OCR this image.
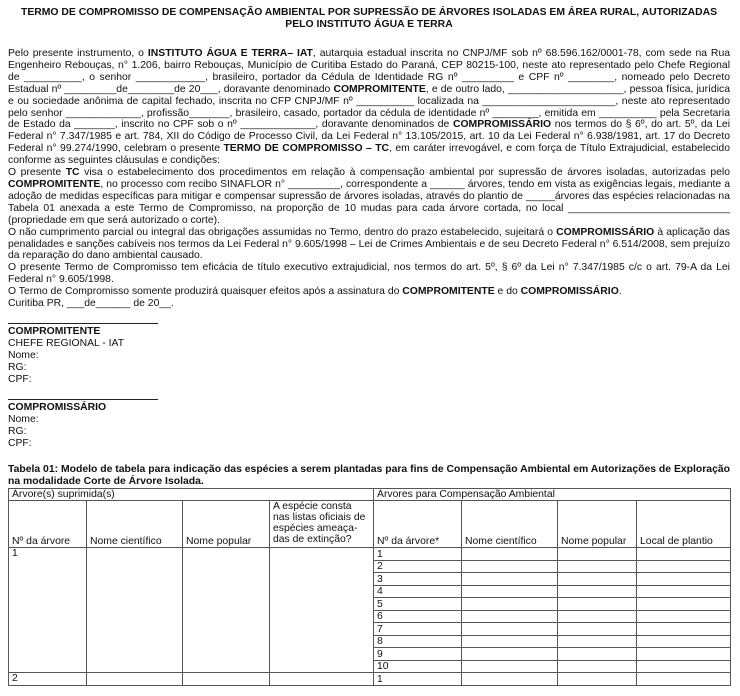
TERMO DE COMPROMISSO DE COMPENSAÇÃO AMBIENTAL POR SUPRESSÃO DE ÁRVORES ISOLADAS EM ÁREA RURAL, AUTORIZADAS PELO INSTITUTO ÁGUA E TERRA
Pelo presente instrumento, o INSTITUTO ÁGUA E TERRA– IAT, autarquia estadual inscrita no CNPJ/MF sob nº 68.596.162/0001-78, com sede na Rua Engenheiro Rebouças, n° 1.206, bairro Rebouças, Município de Curitiba Estado do Paraná, CEP 80215-100, neste ato representado pelo Chefe Regional de __________, o senhor ____________, brasileiro, portador da Cédula de Identidade RG nº _________ e CPF nº ________, nomeado pelo Decreto Estadual nº _________de________de 20___, doravante denominado COMPROMITENTE, e de outro lado, ____________________, pessoa física, jurídica e ou sociedade anônima de capital fechado, inscrita no CFP CNPJ/MF nº __________ localizada na _______________________, neste ato representado pelo senhor _____________, profissão_______, brasileiro, casado, portador da cédula de identidade nº ________, emitida em __________ pela Secretaria de Estado da _______, inscrito no CPF sob o nº _____________, doravante denominados de COMPROMISSÁRIO nos termos do § 6º, do art. 5º, da Lei Federal n° 7.347/1985 e art. 784, XII do Código de Processo Civil, da Lei Federal n° 13.105/2015, art. 10 da Lei Federal n° 6.938/1981, art. 17 do Decreto Federal n° 99.274/1990, celebram o presente TERMO DE COMPROMISSO – TC, em caráter irrevogável, e com força de Título Extrajudicial, estabelecido conforme as seguintes cláusulas e condições:
O presente TC visa o estabelecimento dos procedimentos em relação à compensação ambiental por supressão de árvores isoladas, autorizadas pelo COMPROMITENTE, no processo com recibo SINAFLOR n° _________, correspondente a ______ árvores, tendo em vista as exigências legais, mediante a adoção de medidas específicas para mitigar e compensar supressão de árvores isoladas, através do plantio de _____árvores das espécies relacionadas na Tabela 01 anexada a este Termo de Compromisso, na proporção de 10 mudas para cada árvore cortada, no local ____________________________ (propriedade em que será autorizado o corte).
O não cumprimento parcial ou integral das obrigações assumidas no Termo, dentro do prazo estabelecido, sujeitará o COMPROMISSÁRIO à aplicação das penalidades e sanções cabíveis nos termos da Lei Federal n° 9.605/1998 – Lei de Crimes Ambientais e de seu Decreto Federal n° 6.514/2008, sem prejuízo da reparação do dano ambiental causado.
O presente Termo de Compromisso tem eficácia de título executivo extrajudicial, nos termos do art. 5º, § 6º da Lei n° 7.347/1985 c/c o art. 79-A da Lei Federal n° 9.605/1998.
O Termo de Compromisso somente produzirá quaisquer efeitos após a assinatura do COMPROMITENTE e do COMPROMISSÁRIO.
Curitiba PR, ___de______ de 20__.
COMPROMITENTE
CHEFE REGIONAL - IAT
Nome:
RG:
CPF:
COMPROMISSÁRIO
Nome:
RG:
CPF:
Tabela 01: Modelo de tabela para indicação das espécies a serem plantadas para fins de Compensação Ambiental em Autorizações de Exploração na modalidade Corte de Árvore Isolada.
Árvore(s) suprimida(s)				Árvores para Compensação Ambiental			
Nº da árvore	Nome científico	Nome popular	A espécie consta nas listas oficiais de espécies ameaça-das de extinção?	Nº da árvore*	Nome científico	Nome popular	Local de plantio
1				1			
				2			
				3			
				4			
				5			
				6			
				7			
				8			
				9			
				10			
2				1			
